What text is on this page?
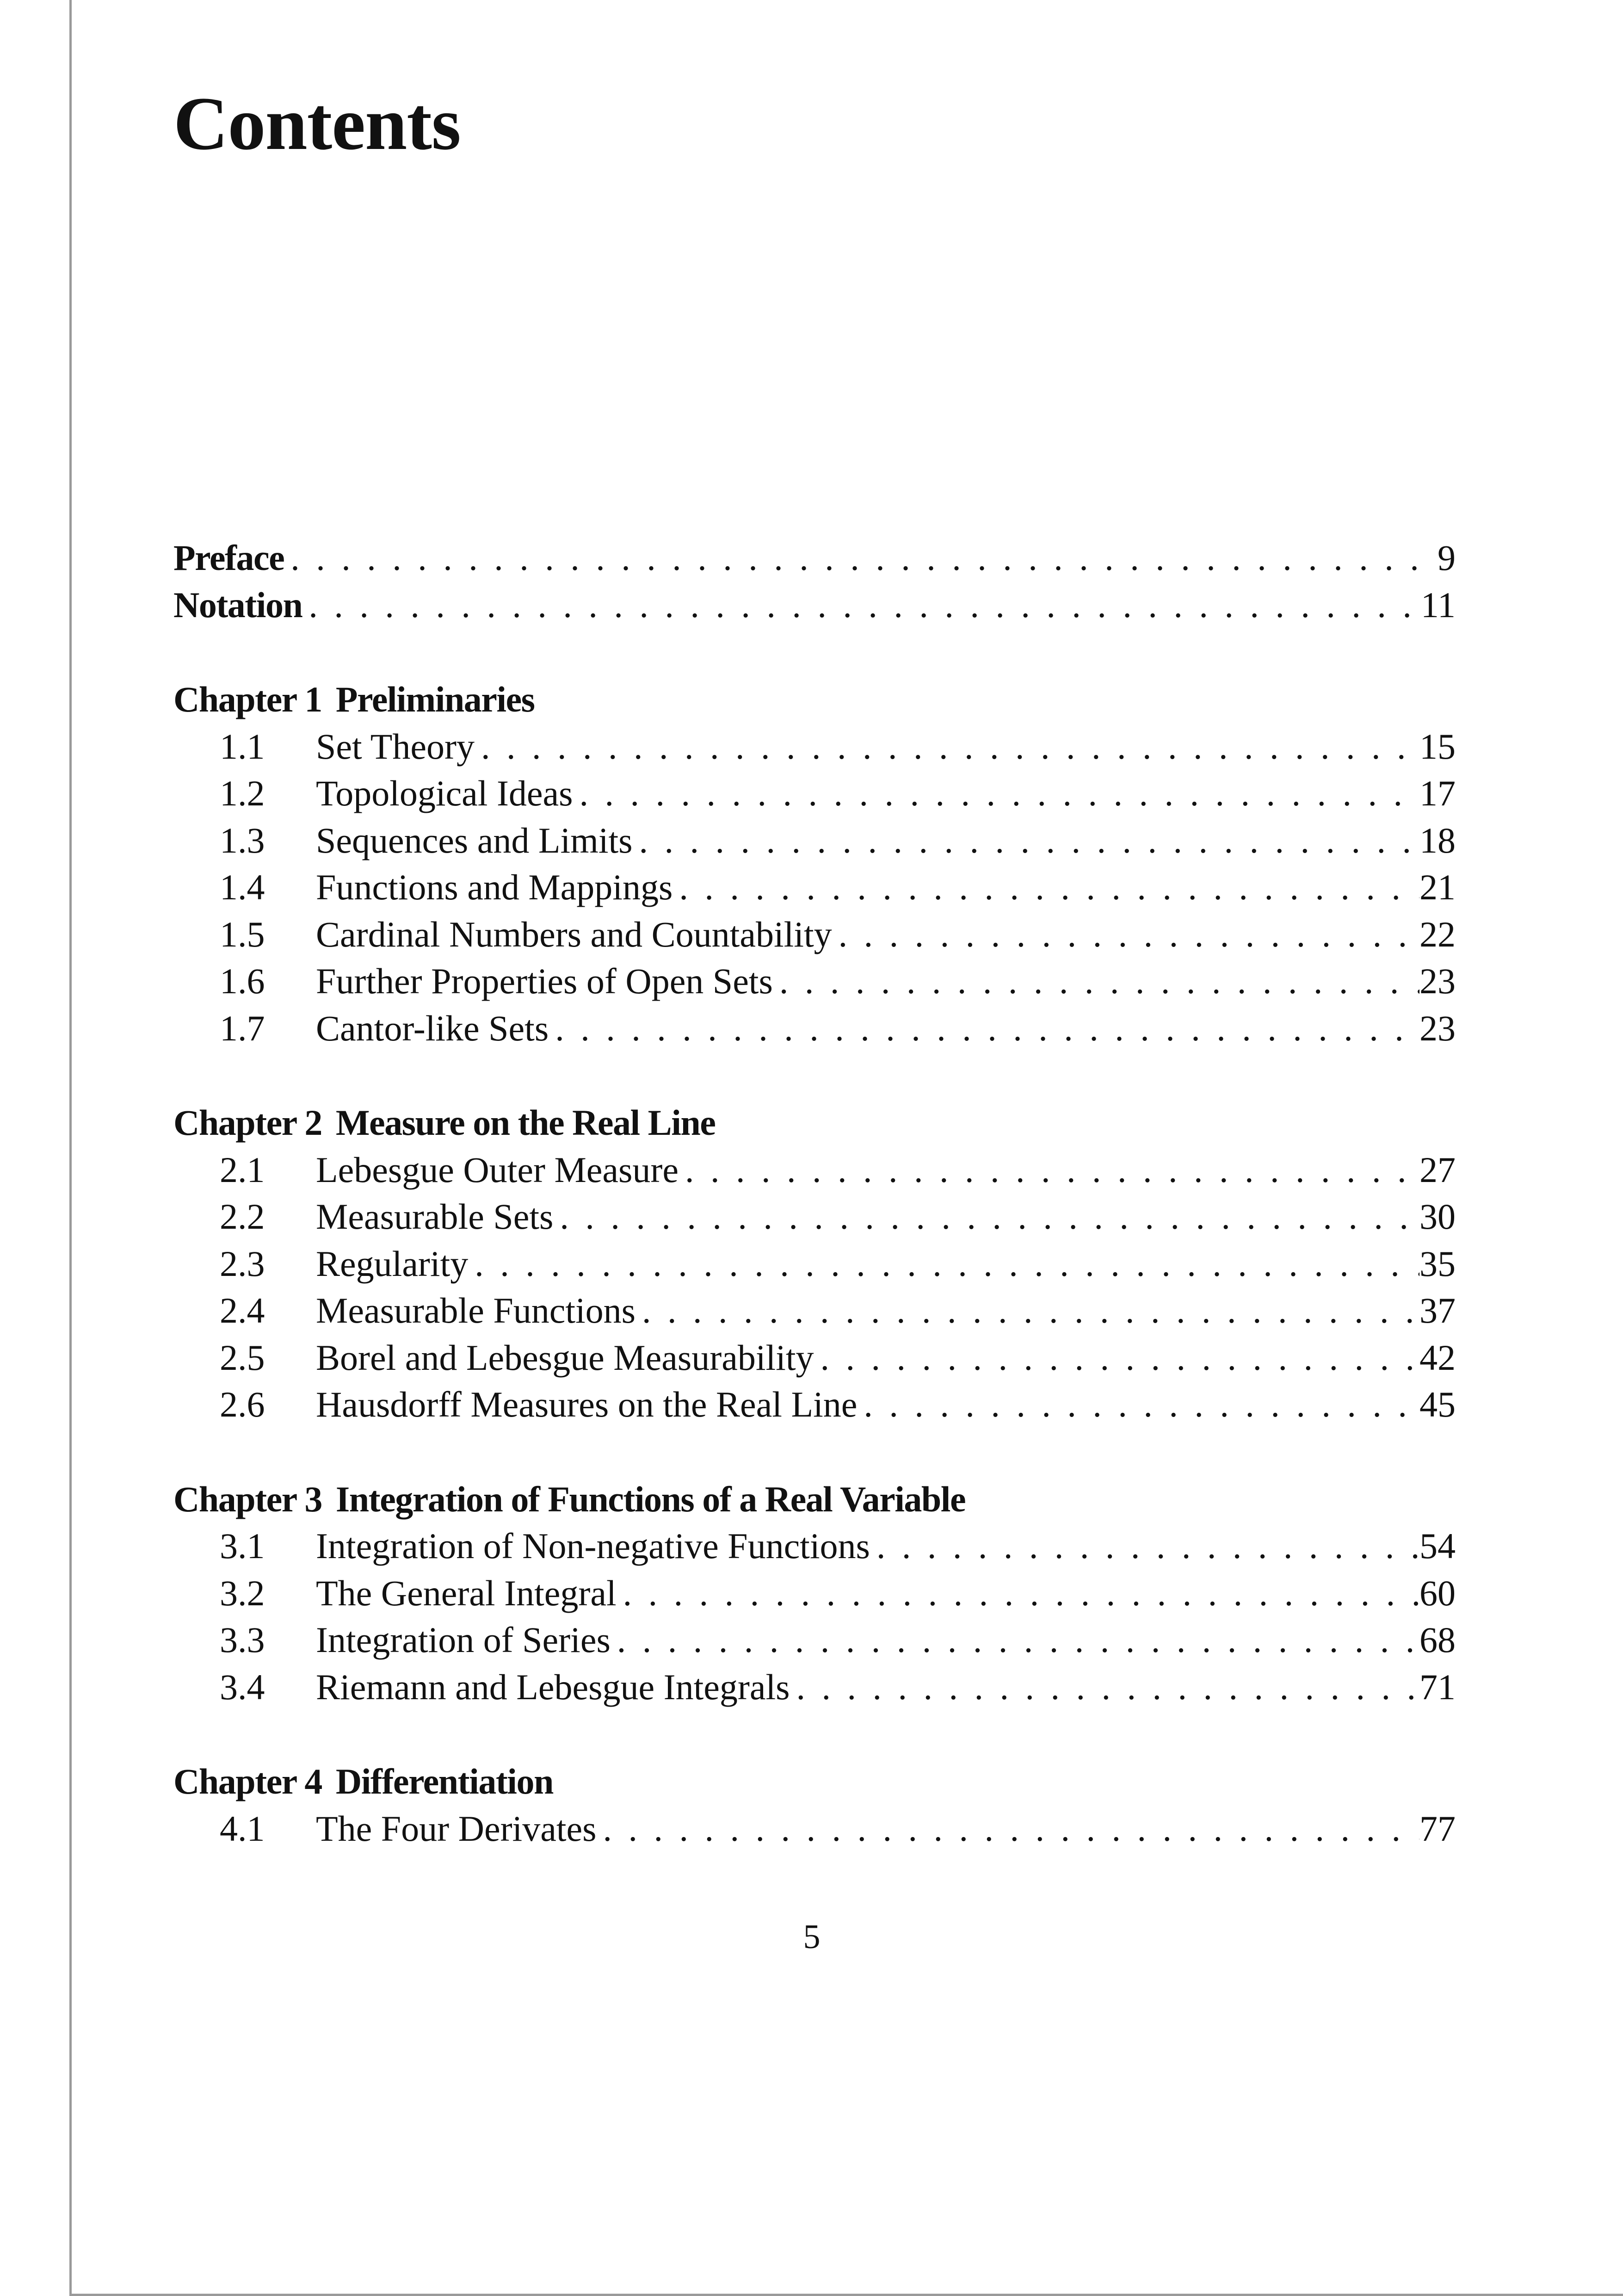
Contents
Preface . . .	9
Notation . . .	11
Chapter 1 Preliminaries
1.1	Set Theory . . .	15
1.2	Topological Ideas . . .	17
1.3	Sequences and Limits . . .	18
1.4	Functions and Mappings . . .	21
1.5	Cardinal Numbers and Countability . . .	22
1.6	Further Properties of Open Sets . . .	23
1.7	Cantor-like Sets . . .	23
Chapter 2 Measure on the Real Line
2.1	Lebesgue Outer Measure . . .	27
2.2	Measurable Sets . . .	30
2.3	Regularity . . .	35
2.4	Measurable Functions . . .	37
2.5	Borel and Lebesgue Measurability . . .	42
2.6	Hausdorff Measures on the Real Line . . .	45
Chapter 3 Integration of Functions of a Real Variable
3.1	Integration of Non-negative Functions . . .	54
3.2	The General Integral . . .	60
3.3	Integration of Series . . .	68
3.4	Riemann and Lebesgue Integrals . . .	71
Chapter 4 Differentiation
4.1	The Four Derivates . . .	77
5
